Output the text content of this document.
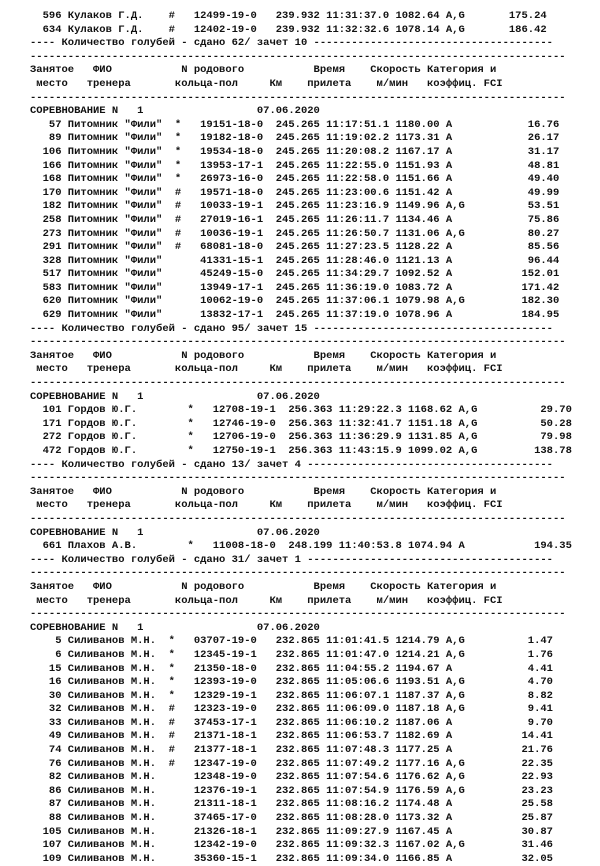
596 Кулаков Г.Д.    #   12499-19-0   239.932 11:31:37.0 1082.64 A,G       175.24
634 Кулаков Г.Д.    #   12402-19-0   239.932 11:32:32.6 1078.14 A,G       186.42
---- Количество голубей - сдано 62/ зачет 10 --------------------------------------
-------------------------------------------------------------------------------------
Занятое   ФИО           N родового           Время    Скорость Категория и
место   тренера       кольца-пол     Км    прилета    м/мин   коэффиц. FCI
-------------------------------------------------------------------------------------
СОРЕВНОВАНИЕ N   1                  07.06.2020
57 Питомник "Фили"  *   19151-18-0  245.265 11:17:51.1 1180.00 A            16.76
89 Питомник "Фили"  *   19182-18-0  245.265 11:19:02.2 1173.31 A            26.17
106 Питомник "Фили"  *   19534-18-0  245.265 11:20:08.2 1167.17 A            31.17
166 Питомник "Фили"  *   13953-17-1  245.265 11:22:55.0 1151.93 A            48.81
168 Питомник "Фили"  *   26973-16-0  245.265 11:22:58.0 1151.66 A            49.40
170 Питомник "Фили"  #   19571-18-0  245.265 11:23:00.6 1151.42 A            49.99
182 Питомник "Фили"  #   10033-19-1  245.265 11:23:16.9 1149.96 A,G          53.51
258 Питомник "Фили"  #   27019-16-1  245.265 11:26:11.7 1134.46 A            75.86
273 Питомник "Фили"  #   10036-19-1  245.265 11:26:50.7 1131.06 A,G          80.27
291 Питомник "Фили"  #   68081-18-0  245.265 11:27:23.5 1128.22 A            85.56
328 Питомник "Фили"      41331-15-1  245.265 11:28:46.0 1121.13 A            96.44
517 Питомник "Фили"      45249-15-0  245.265 11:34:29.7 1092.52 A           152.01
583 Питомник "Фили"      13949-17-1  245.265 11:36:19.0 1083.72 A           171.42
620 Питомник "Фили"      10062-19-0  245.265 11:37:06.1 1079.98 A,G         182.30
629 Питомник "Фили"      13832-17-1  245.265 11:37:19.0 1078.96 A           184.95
---- Количество голубей - сдано 95/ зачет 15 --------------------------------------
-------------------------------------------------------------------------------------
Занятое   ФИО           N родового           Время    Скорость Категория и
место   тренера       кольца-пол     Км    прилета    м/мин   коэффиц. FCI
-------------------------------------------------------------------------------------
СОРЕВНОВАНИЕ N   1                  07.06.2020
101 Гордов Ю.Г.        *   12708-19-1  256.363 11:29:22.3 1168.62 A,G          29.70
171 Гордов Ю.Г.        *   12746-19-0  256.363 11:32:41.7 1151.18 A,G          50.28
272 Гордов Ю.Г.        *   12706-19-0  256.363 11:36:29.9 1131.85 A,G          79.98
472 Гордов Ю.Г.        *   12750-19-1  256.363 11:43:15.9 1099.02 A,G         138.78
---- Количество голубей - сдано 13/ зачет 4 ---------------------------------------
-------------------------------------------------------------------------------------
Занятое   ФИО           N родового           Время    Скорость Категория и
место   тренера       кольца-пол     Км    прилета    м/мин   коэффиц. FCI
-------------------------------------------------------------------------------------
СОРЕВНОВАНИЕ N   1                  07.06.2020
661 Плахов А.В.        *   11008-18-0  248.199 11:40:53.8 1074.94 A           194.35
---- Количество голубей - сдано 31/ зачет 1 ---------------------------------------
-------------------------------------------------------------------------------------
Занятое   ФИО           N родового           Время    Скорость Категория и
место   тренера       кольца-пол     Км    прилета    м/мин   коэффиц. FCI
-------------------------------------------------------------------------------------
СОРЕВНОВАНИЕ N   1                  07.06.2020
5 Силиванов М.Н.  *   03707-19-0   232.865 11:01:41.5 1214.79 A,G          1.47
6 Силиванов М.Н.  *   12345-19-1   232.865 11:01:47.0 1214.21 A,G          1.76
15 Силиванов М.Н.  *   21350-18-0   232.865 11:04:55.2 1194.67 A            4.41
16 Силиванов М.Н.  *   12393-19-0   232.865 11:05:06.6 1193.51 A,G          4.70
30 Силиванов М.Н.  *   12329-19-1   232.865 11:06:07.1 1187.37 A,G          8.82
32 Силиванов М.Н.  #   12323-19-0   232.865 11:06:09.0 1187.18 A,G          9.41
33 Силиванов М.Н.  #   37453-17-1   232.865 11:06:10.2 1187.06 A            9.70
49 Силиванов М.Н.  #   21371-18-1   232.865 11:06:53.7 1182.69 A           14.41
74 Силиванов М.Н.  #   21377-18-1   232.865 11:07:48.3 1177.25 A           21.76
76 Силиванов М.Н.  #   12347-19-0   232.865 11:07:49.2 1177.16 A,G         22.35
82 Силиванов М.Н.      12348-19-0   232.865 11:07:54.6 1176.62 A,G         22.93
86 Силиванов М.Н.      12376-19-1   232.865 11:07:54.9 1176.59 A,G         23.23
87 Силиванов М.Н.      21311-18-1   232.865 11:08:16.2 1174.48 A           25.58
88 Силиванов М.Н.      37465-17-0   232.865 11:08:28.0 1173.32 A           25.87
105 Силиванов М.Н.      21326-18-1   232.865 11:09:27.9 1167.45 A           30.87
107 Силиванов М.Н.      12342-19-0   232.865 11:09:32.3 1167.02 A,G         31.46
109 Силиванов М.Н.      35360-15-1   232.865 11:09:34.0 1166.85 A           32.05
